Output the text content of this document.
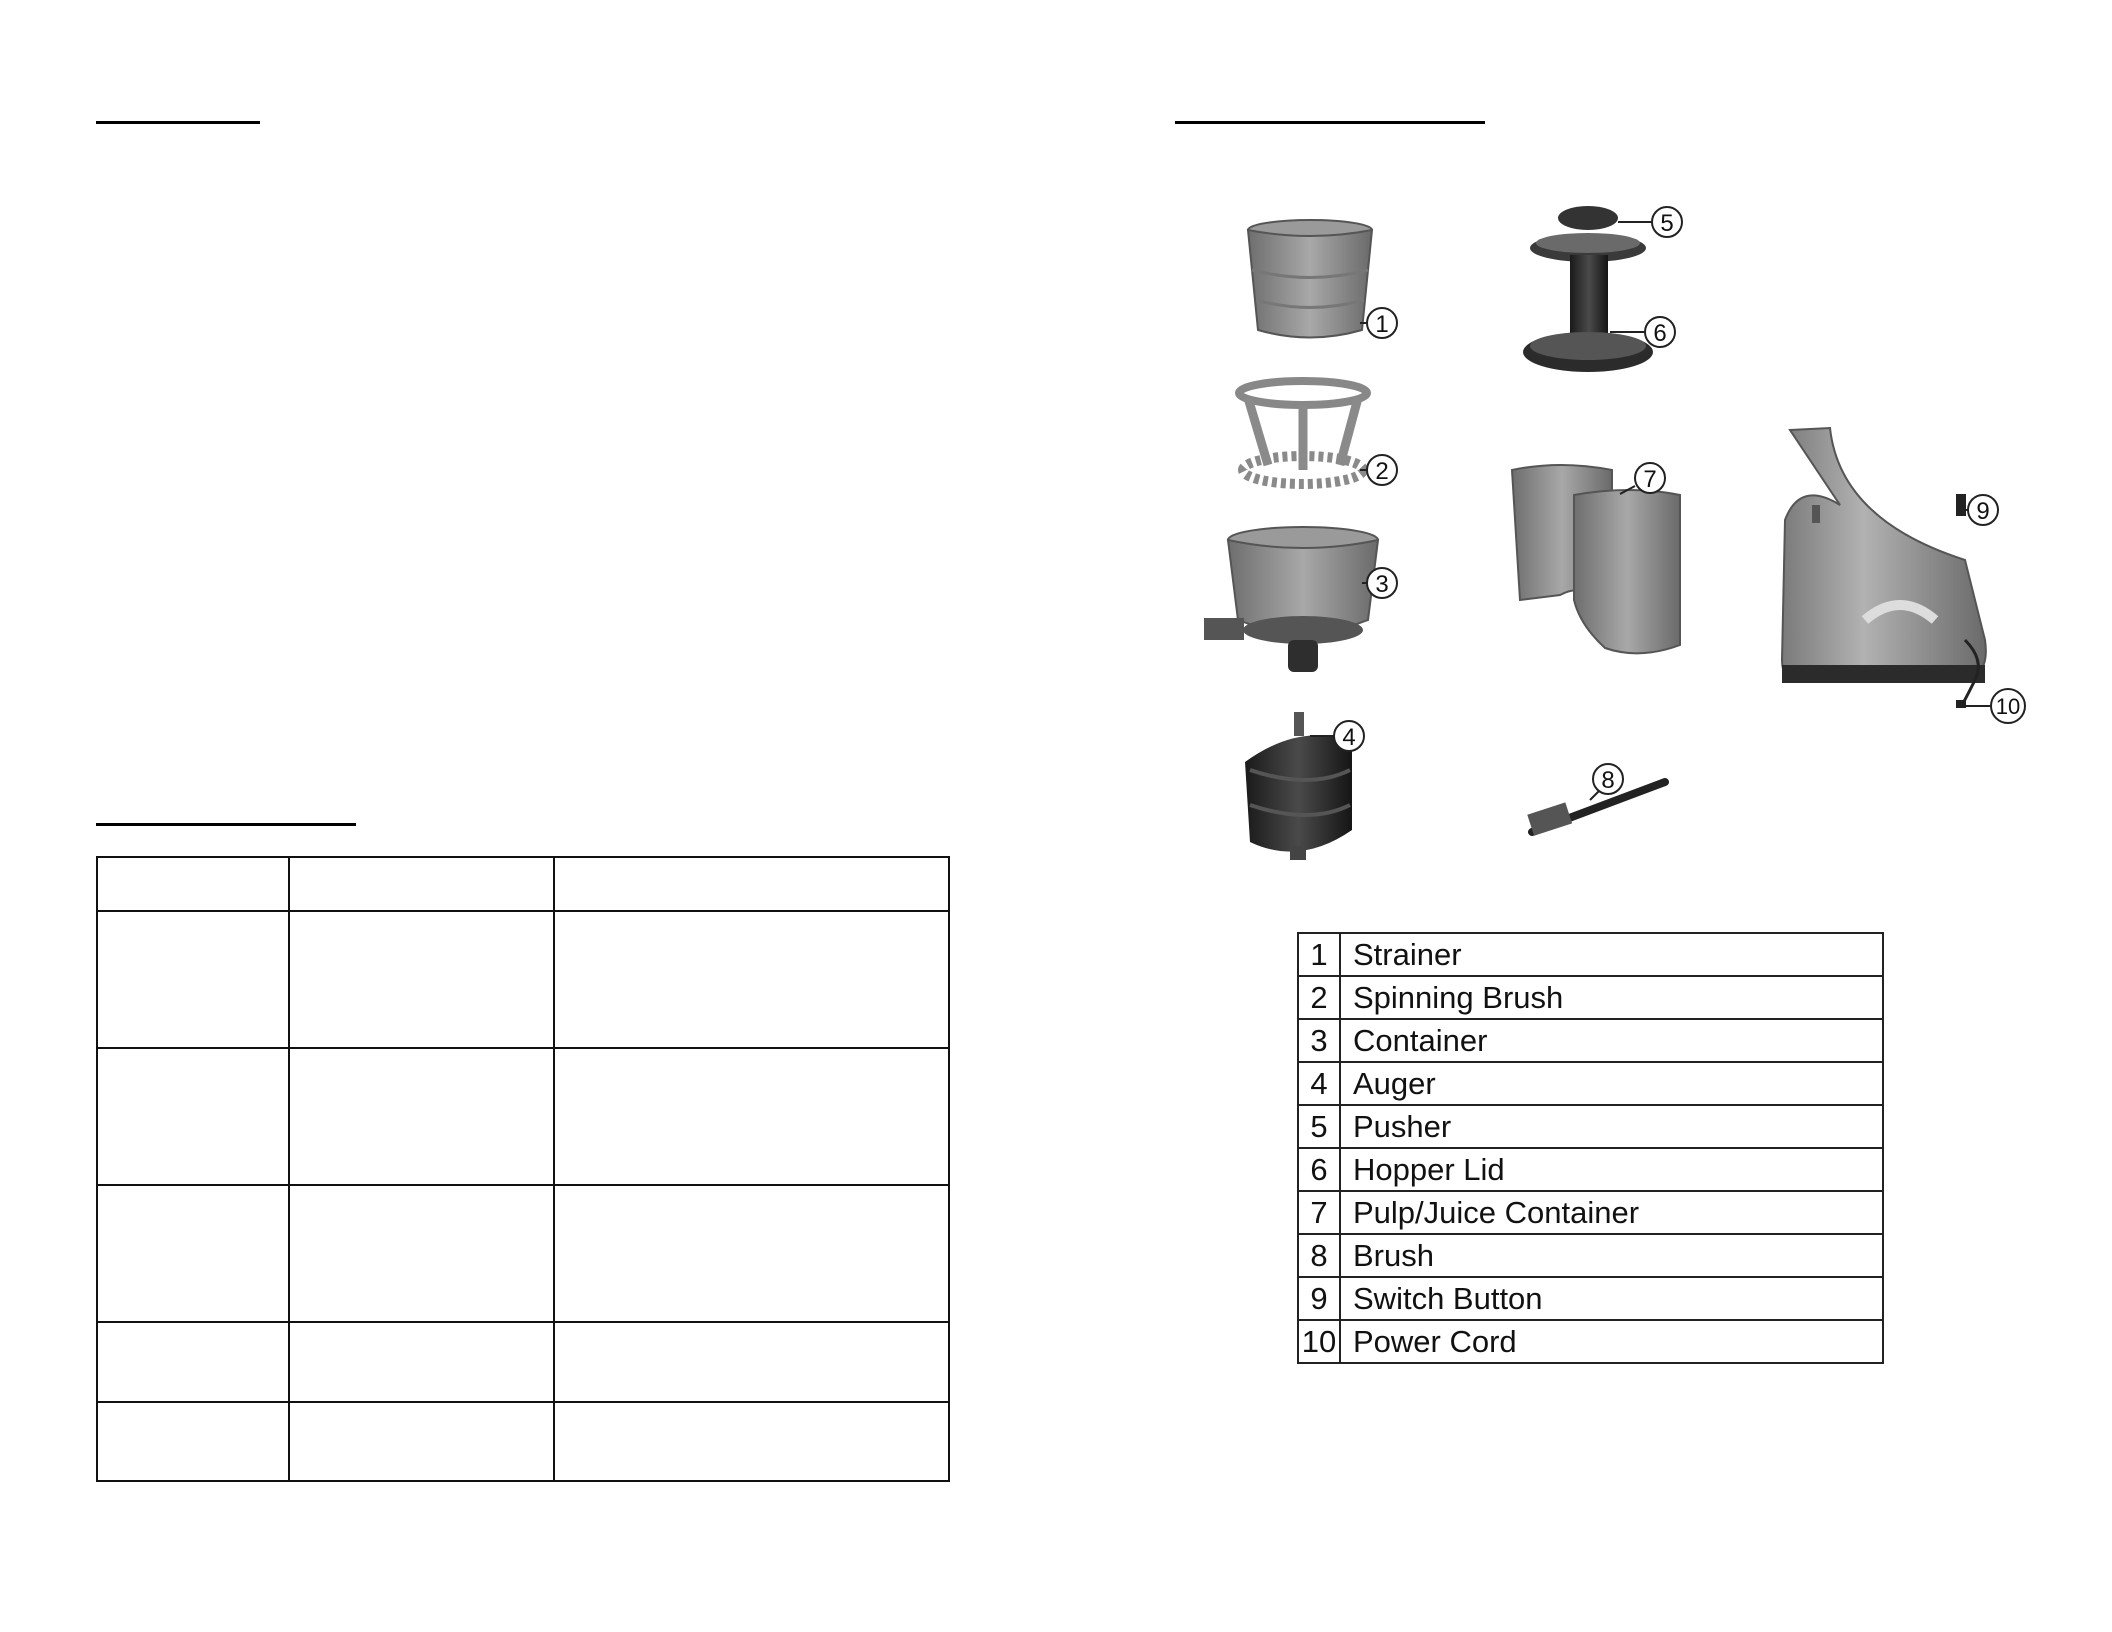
1
2
3
4
5
6
7
8
9
10
1	Strainer
2	Spinning Brush
3	Container
4	Auger
5	Pusher
6	Hopper Lid
7	Pulp/Juice Container
8	Brush
9	Switch Button
10	Power Cord
